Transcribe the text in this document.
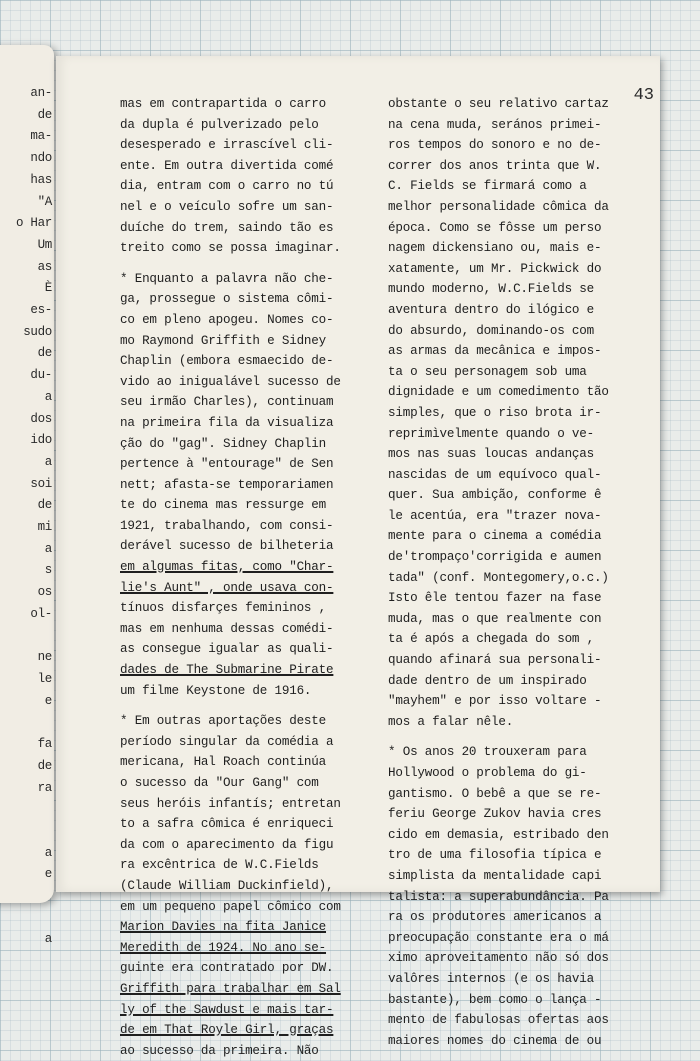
an-
de
ma-
ndo
has
"A
o Har
Um
as
È
es-
sudo
de
du-
a
dos
ido
a
soi
de
mi
a
s
os
ol-

ne
le
e

fa
de
ra

a
e

a
43
mas em contrapartida o carro
da dupla é pulverizado pelo
desesperado e irrascível cli-
ente. Em outra divertida comé
dia, entram com o carro no tú
nel e o veículo sofre um san-
duíche do trem, saindo tão es
treito como se possa imaginar.
* Enquanto a palavra não che-
ga, prossegue o sistema cômi-
co em pleno apogeu. Nomes co-
mo Raymond Griffith e Sidney
Chaplin (embora esmaecido de-
vido ao inigualável sucesso de
seu irmão Charles), continuam
na primeira fila da visualiza
ção do "gag". Sidney Chaplin
pertence à "entourage" de Sen
nett; afasta-se temporariamen
te do cinema mas ressurge em
1921, trabalhando, com consi-
derável sucesso de bilheteria
em algumas fitas, como "Char-
lie's Aunt" , onde usava con-
tínuos disfarçes femininos ,
mas em nenhuma dessas comédi-
as consegue igualar as quali-
dades de The Submarine Pirate
um filme Keystone de 1916.
* Em outras aportações deste
período singular da comédia a
mericana, Hal Roach continúa
o sucesso da "Our Gang" com
seus heróis infantís; entretan
to a safra cômica é enriqueci
da com o aparecimento da figu
ra excêntrica de W.C.Fields
(Claude William Duckinfield),
em um pequeno papel cômico com
Marion Davies na fita Janice
Meredith de 1924. No ano se-
guinte era contratado por DW.
Griffith para trabalhar em Sal
ly of the Sawdust e mais tar-
de em That Royle Girl, graças
ao sucesso da primeira. Não
obstante o seu relativo cartaz
na cena muda, serános primei-
ros tempos do sonoro e no de-
correr dos anos trinta que W.
C. Fields se firmará como a
melhor personalidade cômica da
época. Como se fôsse um perso
nagem dickensiano ou, mais e-
xatamente, um Mr. Pickwick do
mundo moderno, W.C.Fields se
aventura dentro do ilógico e
do absurdo, dominando-os com
as armas da mecânica e impos-
ta o seu personagem sob uma
dignidade e um comedimento tão
simples, que o riso brota ir-
reprimìvelmente quando o ve-
mos nas suas loucas andanças
nascidas de um equívoco qual-
quer. Sua ambição, conforme ê
le acentúa, era "trazer nova-
mente para o cinema a comédia
de'trompaço'corrigida e aumen
tada" (conf. Montegomery,o.c.)
Isto êle tentou fazer na fase
muda, mas o que realmente con
ta é após a chegada do som ,
quando afinará sua personali-
dade dentro de um inspirado
"mayhem" e por isso voltare -
mos a falar nêle.
* Os anos 20 trouxeram para
Hollywood o problema do gi-
gantismo. O bebê a que se re-
feriu George Zukov havia cres
cido em demasia, estribado den
tro de uma filosofia típica e
simplista da mentalidade capi
talista: a superabundância. Pa
ra os produtores americanos a
preocupação constante era o má
ximo aproveitamento não só dos
valôres internos (e os havia
bastante), bem como o lança -
mento de fabulosas ofertas aos
maiores nomes do cinema de ou
